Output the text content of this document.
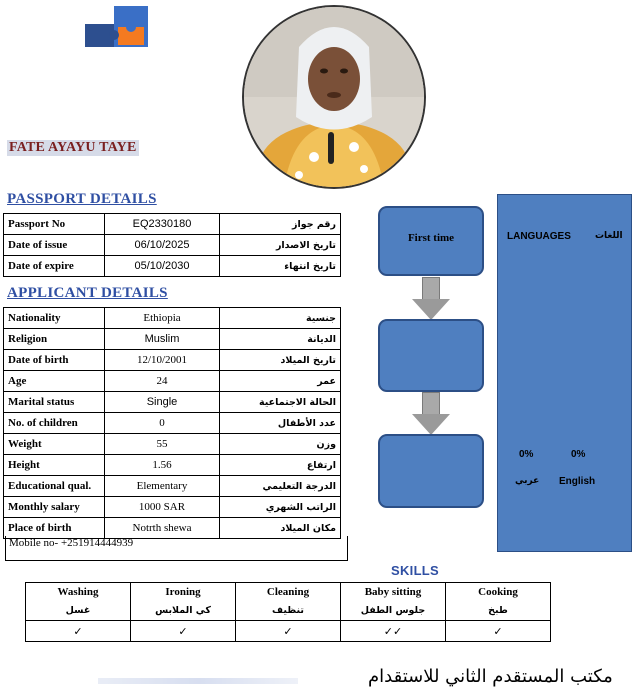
FATE AYAYU TAYE
PASSPORT DETAILS
Passport No	EQ2330180	رقم جواز
Date of issue	06/10/2025	تاريخ الاصدار
Date of expire	05/10/2030	تاريخ انتهاء
APPLICANT DETAILS
Nationality	Ethiopia	جنسية
Religion	Muslim	الديانة
Date of birth	12/10/2001	تاريخ الميلاد
Age	24	عمر
Marital status	Single	الحالة الاجتماعية
No. of children	0	عدد الأطفال
Weight	55	وزن
Height	1.56	ارتفاع
Educational qual.	Elementary	الدرجة التعليمي
Monthly salary	1000 SAR	الراتب الشهري
Place of birth	Notrth shewa	مكان الميلاد
Mobile no- +251914444939
First time	LANGUAGES	اللغات
0%	0%
عربي English
SKILLS
Washing	Ironing	Cleaning	Baby sitting	Cooking
غسل	كي الملابس	تنظيف	جلوس الطفل	طبخ
✓	✓	✓	✓✓	✓
مكتب المستقدم الثاني للاستقدام
